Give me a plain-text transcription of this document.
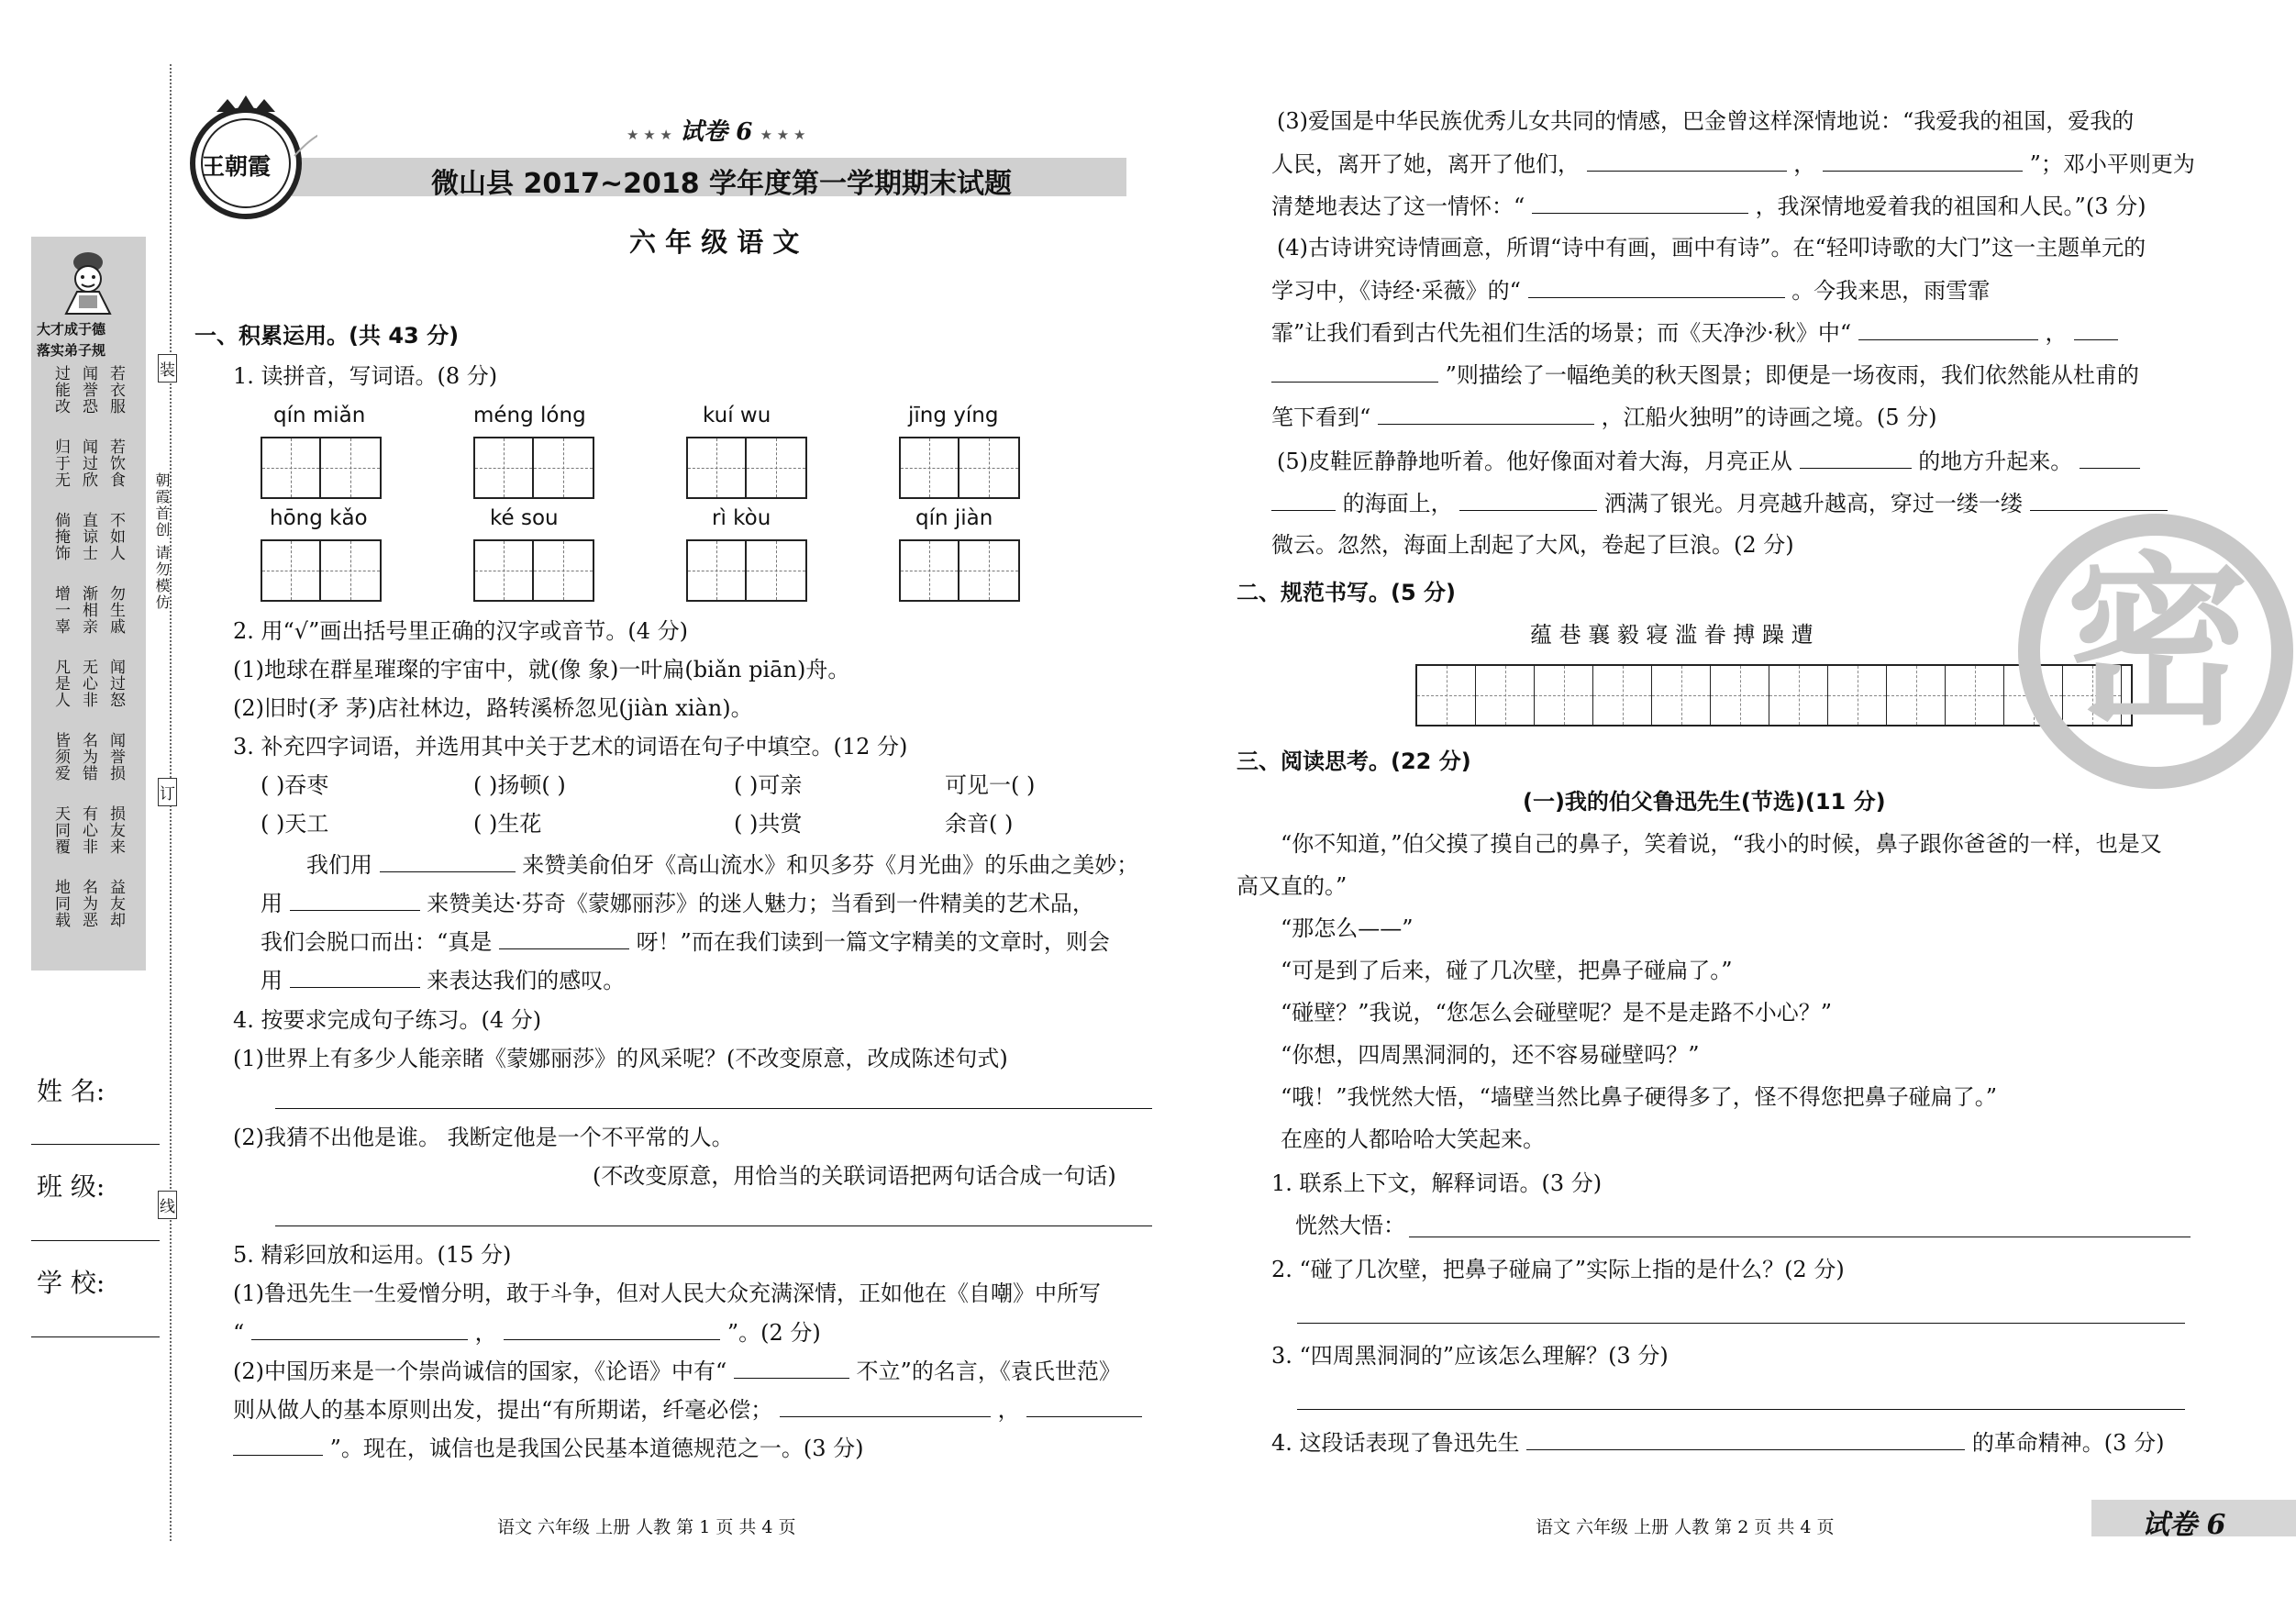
大才成于德
落实弟子规
若衣服
闻誉恐
过能改
若饮食
闻过欣
归于无
不如人
直谅士
倘掩饰
勿生戚
渐相亲
增一辜
闻过怒
无心非
凡是人
闻誉损
名为错
皆须爱
损友来
有心非
天同覆
益友却
名为恶
地同载
姓 名:
班 级:
学 校:
装
订
线
朝霞首创 请勿模仿
王朝霞
★ ★ ★ 试卷 6 ★ ★ ★
微山县 2017~2018 学年度第一学期期末试题
六 年 级 语 文
一、积累运用。(共 43 分)
1. 读拼音，写词语。(8 分)
qín miǎn	méng lóng	kuí wu	jīng yíng
hōng kǎo	ké sou	rì kòu	qín jiàn
2. 用“√”画出括号里正确的汉字或音节。(4 分)
(1)地球在群星璀璨的宇宙中，就(像 象)一叶扁(biǎn piān)舟。
(2)旧时(矛 茅)店社林边，路转溪桥忽见(jiàn xiàn)。
3. 补充四字词语，并选用其中关于艺术的词语在句子中填空。(12 分)
( )吞枣	( )扬顿( )	( )可亲	可见一( )
( )天工	( )生花	( )共赏	余音( )
我们用	来赞美俞伯牙《高山流水》和贝多芬《月光曲》的乐曲之美妙；
用	来赞美达·芬奇《蒙娜丽莎》的迷人魅力；当看到一件精美的艺术品，
我们会脱口而出：“真是	呀！”而在我们读到一篇文字精美的文章时，则会
用	来表达我们的感叹。
4. 按要求完成句子练习。(4 分)
(1)世界上有多少人能亲睹《蒙娜丽莎》的风采呢？(不改变原意，改成陈述句式)
(2)我猜不出他是谁。 我断定他是一个不平常的人。
(不改变原意，用恰当的关联词语把两句话合成一句话)
5. 精彩回放和运用。(15 分)
(1)鲁迅先生一生爱憎分明，敢于斗争，但对人民大众充满深情，正如他在《自嘲》中所写
“	，	”。(2 分)
(2)中国历来是一个崇尚诚信的国家，《论语》中有“	不立”的名言，《袁氏世范》
则从做人的基本原则出发，提出“有所期诺，纤毫必偿；	，
”。现在，诚信也是我国公民基本道德规范之一。(3 分)
语文 六年级 上册 人教 第 1 页 共 4 页
(3)爱国是中华民族优秀儿女共同的情感，巴金曾这样深情地说：“我爱我的祖国，爱我的
人民，离开了她，离开了他们，	，	”；邓小平则更为
清楚地表达了这一情怀：“	，我深情地爱着我的祖国和人民。”(3 分)
(4)古诗讲究诗情画意，所谓“诗中有画，画中有诗”。在“轻叩诗歌的大门”这一主题单元的
学习中，《诗经·采薇》的“	。今我来思，雨雪霏
霏”让我们看到古代先祖们生活的场景；而《天净沙·秋》中“	，
”则描绘了一幅绝美的秋天图景；即便是一场夜雨，我们依然能从杜甫的
笔下看到“	，江船火独明”的诗画之境。(5 分)
(5)皮鞋匠静静地听着。他好像面对着大海，月亮正从	的地方升起来。
的海面上，	洒满了银光。月亮越升越高，穿过一缕一缕
微云。忽然，海面上刮起了大风，卷起了巨浪。(2 分)
二、规范书写。(5 分)
蕴 巷 襄 毅 寝 滥 眷 搏 躁 遭
三、阅读思考。(22 分)
(一)我的伯父鲁迅先生(节选)(11 分)
“你不知道，”伯父摸了摸自己的鼻子，笑着说，“我小的时候，鼻子跟你爸爸的一样，也是又
高又直的。”
“那怎么——”
“可是到了后来，碰了几次壁，把鼻子碰扁了。”
“碰壁？”我说，“您怎么会碰壁呢？是不是走路不小心？”
“你想，四周黑洞洞的，还不容易碰壁吗？”
“哦！”我恍然大悟，“墙壁当然比鼻子硬得多了，怪不得您把鼻子碰扁了。”
在座的人都哈哈大笑起来。
1. 联系上下文，解释词语。(3 分)
恍然大悟：
2. “碰了几次壁，把鼻子碰扁了”实际上指的是什么？(2 分)
3. “四周黑洞洞的”应该怎么理解？(3 分)
4. 这段话表现了鲁迅先生	的革命精神。(3 分)
语文 六年级 上册 人教 第 2 页 共 4 页	试卷 6
密
